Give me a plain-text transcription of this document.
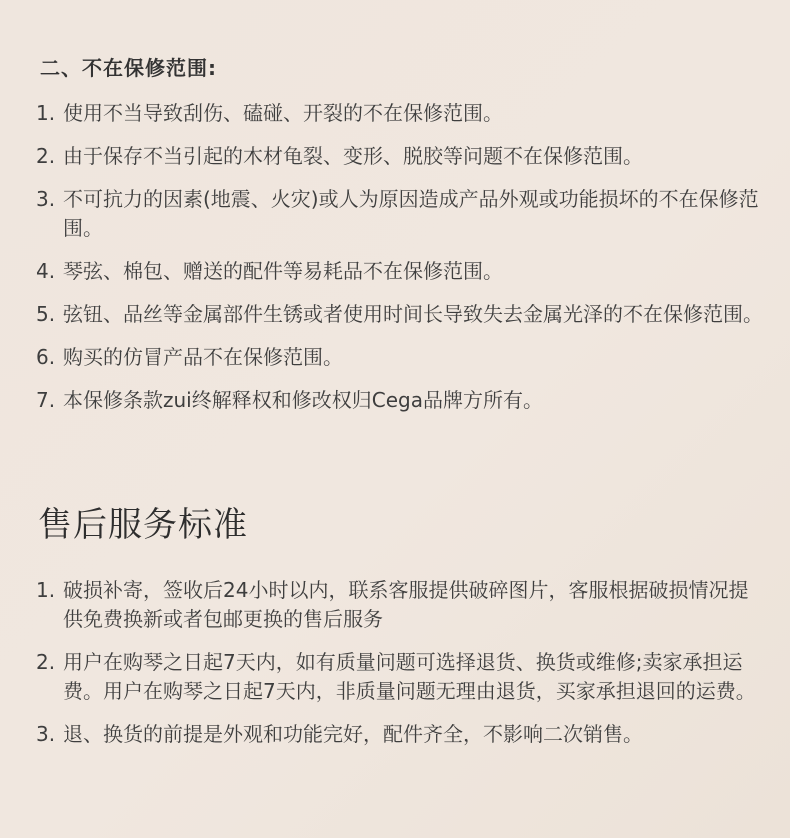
二、不在保修范围:
1. 使用不当导致刮伤、磕碰、开裂的不在保修范围。
2. 由于保存不当引起的木材龟裂、变形、脱胶等问题不在保修范围。
3. 不可抗力的因素(地震、火灾)或人为原因造成产品外观或功能损坏的不在保修范围。
4. 琴弦、棉包、赠送的配件等易耗品不在保修范围。
5. 弦钮、品丝等金属部件生锈或者使用时间长导致失去金属光泽的不在保修范围。
6. 购买的仿冒产品不在保修范围。
7. 本保修条款zui终解释权和修改权归Cega品牌方所有。
售后服务标准
1. 破损补寄，签收后24小时以内，联系客服提供破碎图片，客服根据破损情况提供免费换新或者包邮更换的售后服务
2. 用户在购琴之日起7天内，如有质量问题可选择退货、换货或维修;卖家承担运费。用户在购琴之日起7天内，非质量问题无理由退货，买家承担退回的运费。
3. 退、换货的前提是外观和功能完好，配件齐全，不影响二次销售。
